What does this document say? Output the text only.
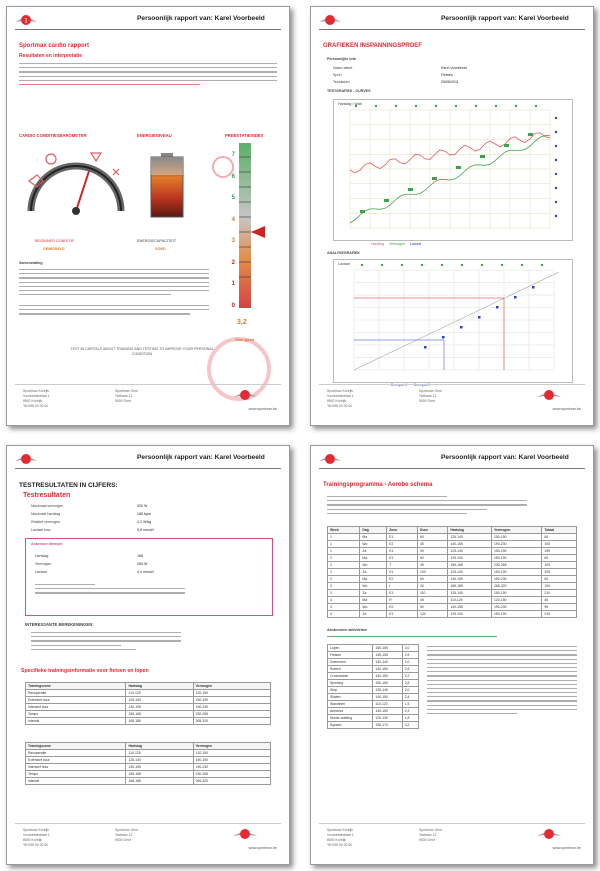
1	Persoonlijk rapport van: Karel Voorbeeld
Sportmax cardio rapport
Resultaten en interpretatie
CARDIO CONDITIESBAROMETER	ENERGIENIVEAU	PREESTATIEINDEX
7
6
5
4
3
2
1
0
3,2
Zeer goed
BEGINNER CONDITIE
GEMIDDELD
ENERGIECAPACITEIT
GOED
Samenvatting
TEXT IN CAPITALS ABOUT TRAINING AND TESTING TO IMPROVE YOUR PERSONAL CONDITION
Sportmax Kortrijk
Voorbeeldstraat 1
8500 Kortrijk
Tel 056 00 00 00
Sportmax Gent
Testlaan 12
9000 Gent
www.sportmax.be
Persoonlijk rapport van: Karel Voorbeeld
GRAFIEKEN INSPANNINGSPROEF
Persoonlijke info
Naam atleet	Karel Voorbeeld
Sport	Fietsen
Testdatum	25/06/2011
TESTGRAFIEK - CURVES
Hartslag / Watt
Hartslag Vermogen Lactaat
ANALYSEGRAFIEK
Lactaat
Drempel 1 Drempel 2
Sportmax Kortrijk
Voorbeeldstraat 1
8500 Kortrijk
Tel 056 00 00 00
Sportmax Gent
Testlaan 12
9000 Gent
www.sportmax.be
Persoonlijk rapport van: Karel Voorbeeld
TESTRESULTATEN IN CIJFERS:
Testresultaten
Maximaal vermogen	320 W
Maximale hartslag	185 bpm
Relatief vermogen	4,2 W/kg
Lactaat max	9,8 mmol/l
Anaerobe drempel
Hartslag	168
Vermogen	265 W
Lactaat	4,0 mmol/l
INTERESSANTE BEREKENINGEN:
Specifieke trainingsinformatie voor fietsen en lopen
Trainingszone	Hartslag	Vermogen
Recuperatie	110-125	120-150
Extensief duur	125-140	150-190
Intensief duur	140-155	190-230
Tempo	155-168	230-265
Interval	168-185	265-320
Trainingszone	Hartslag	Vermogen
Recuperatie	110-125	120-150
Extensief duur	125-140	150-190
Intensief duur	140-155	190-230
Tempo	155-168	230-265
Interval	168-185	265-320
Sportmax Kortrijk
Voorbeeldstraat 1
8500 Kortrijk
Tel 056 00 00 00
Sportmax Gent
Testlaan 12
9000 Gent
www.sportmax.be
Persoonlijk rapport van: Karel Voorbeeld
Trainingsprogramma - Aerobe schema
Week	Dag	Zone	Duur	Hartslag	Vermogen	Totaal
1	Ma	E1	60	125-140	150-190	60
1	Wo	E2	45	140-155	190-230	105
1	Za	E1	90	125-140	150-190	195
2	Ma	E1	60	125-140	150-190	60
2	Wo	T	45	155-168	230-265	105
2	Za	E1	100	125-140	150-190	205
3	Ma	E2	60	140-155	190-230	60
3	Wo	I	40	168-185	265-320	100
3	Za	E1	110	125-140	150-190	210
4	Ma	R	45	110-125	120-150	45
4	Wo	E2	50	140-155	190-230	95
4	Za	E1	120	125-140	150-190	215
Aanbevolen aktiviteiten
Lopen	155-165	3,0
Fietsen	145-155	2,5
Zwemmen	130-140	2,0
Roeien	140-150	2,5
Crosstrainer	140-150	2,2
Spinning	150-160	2,8
Step	135-145	2,0
Skaten	140-150	2,4
Wandelen	110-120	1,5
Aerobics	140-150	2,3
Nordic walking	120-130	1,8
Squash	155-170	3,2
Sportmax Kortrijk
Voorbeeldstraat 1
8500 Kortrijk
Tel 056 00 00 00
Sportmax Gent
Testlaan 12
9000 Gent
www.sportmax.be
